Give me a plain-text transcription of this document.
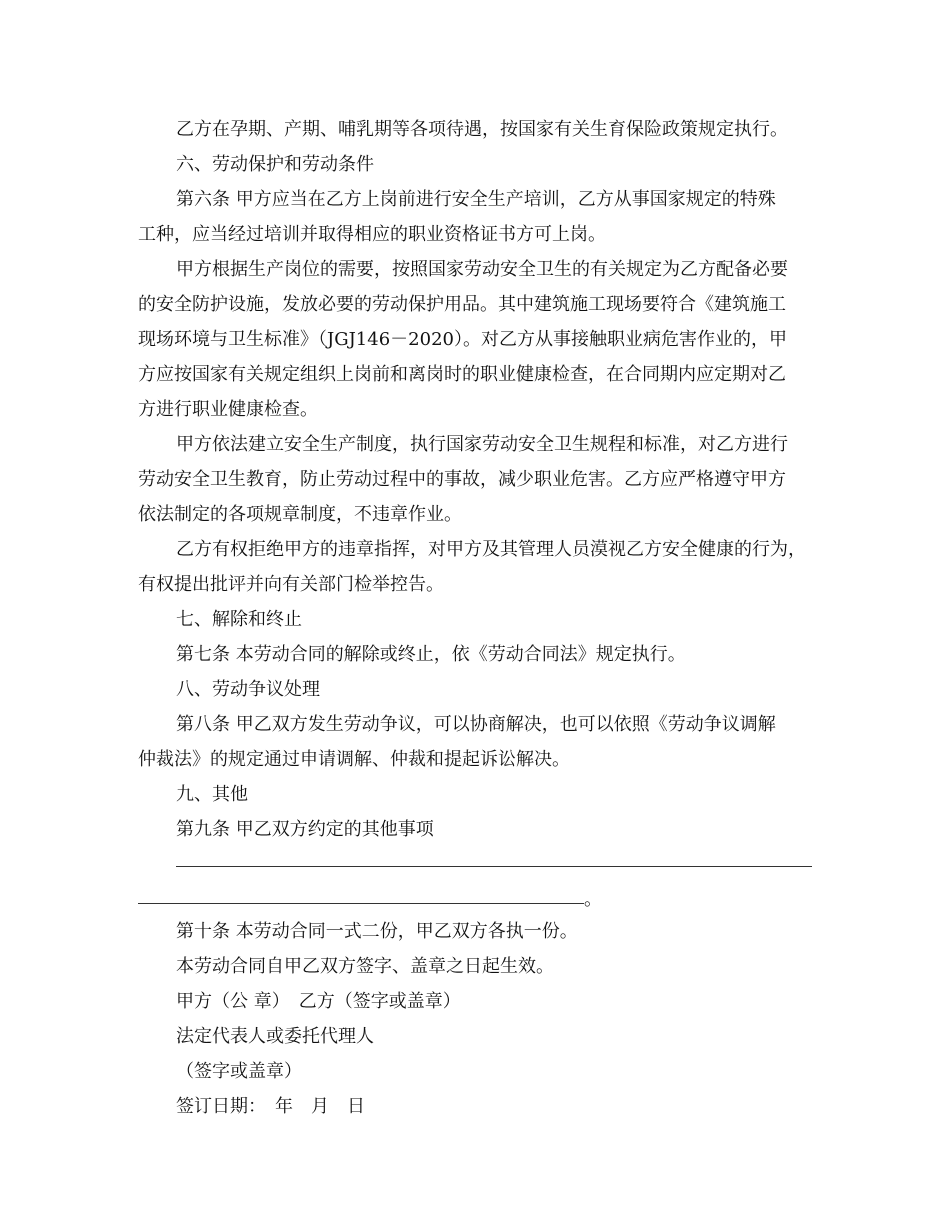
乙方在孕期、产期、哺乳期等各项待遇，按国家有关生育保险政策规定执行。
六、劳动保护和劳动条件
第六条 甲方应当在乙方上岗前进行安全生产培训，乙方从事国家规定的特殊
工种，应当经过培训并取得相应的职业资格证书方可上岗。
甲方根据生产岗位的需要，按照国家劳动安全卫生的有关规定为乙方配备必要
的安全防护设施，发放必要的劳动保护用品。其中建筑施工现场要符合《建筑施工
现场环境与卫生标准》（JGJ146－2020）。对乙方从事接触职业病危害作业的，甲
方应按国家有关规定组织上岗前和离岗时的职业健康检查，在合同期内应定期对乙
方进行职业健康检查。
甲方依法建立安全生产制度，执行国家劳动安全卫生规程和标准，对乙方进行
劳动安全卫生教育，防止劳动过程中的事故，减少职业危害。乙方应严格遵守甲方
依法制定的各项规章制度，不违章作业。
乙方有权拒绝甲方的违章指挥，对甲方及其管理人员漠视乙方安全健康的行为，
有权提出批评并向有关部门检举控告。
七、解除和终止
第七条 本劳动合同的解除或终止，依《劳动合同法》规定执行。
八、劳动争议处理
第八条 甲乙双方发生劳动争议，可以协商解决，也可以依照《劳动争议调解
仲裁法》的规定通过申请调解、仲裁和提起诉讼解决。
九、其他
第九条 甲乙双方约定的其他事项
。
第十条 本劳动合同一式二份，甲乙双方各执一份。
本劳动合同自甲乙双方签字、盖章之日起生效。
甲方（公 章）　乙方（签字或盖章）
法定代表人或委托代理人
（签字或盖章）
签订日期：　年　月　日
